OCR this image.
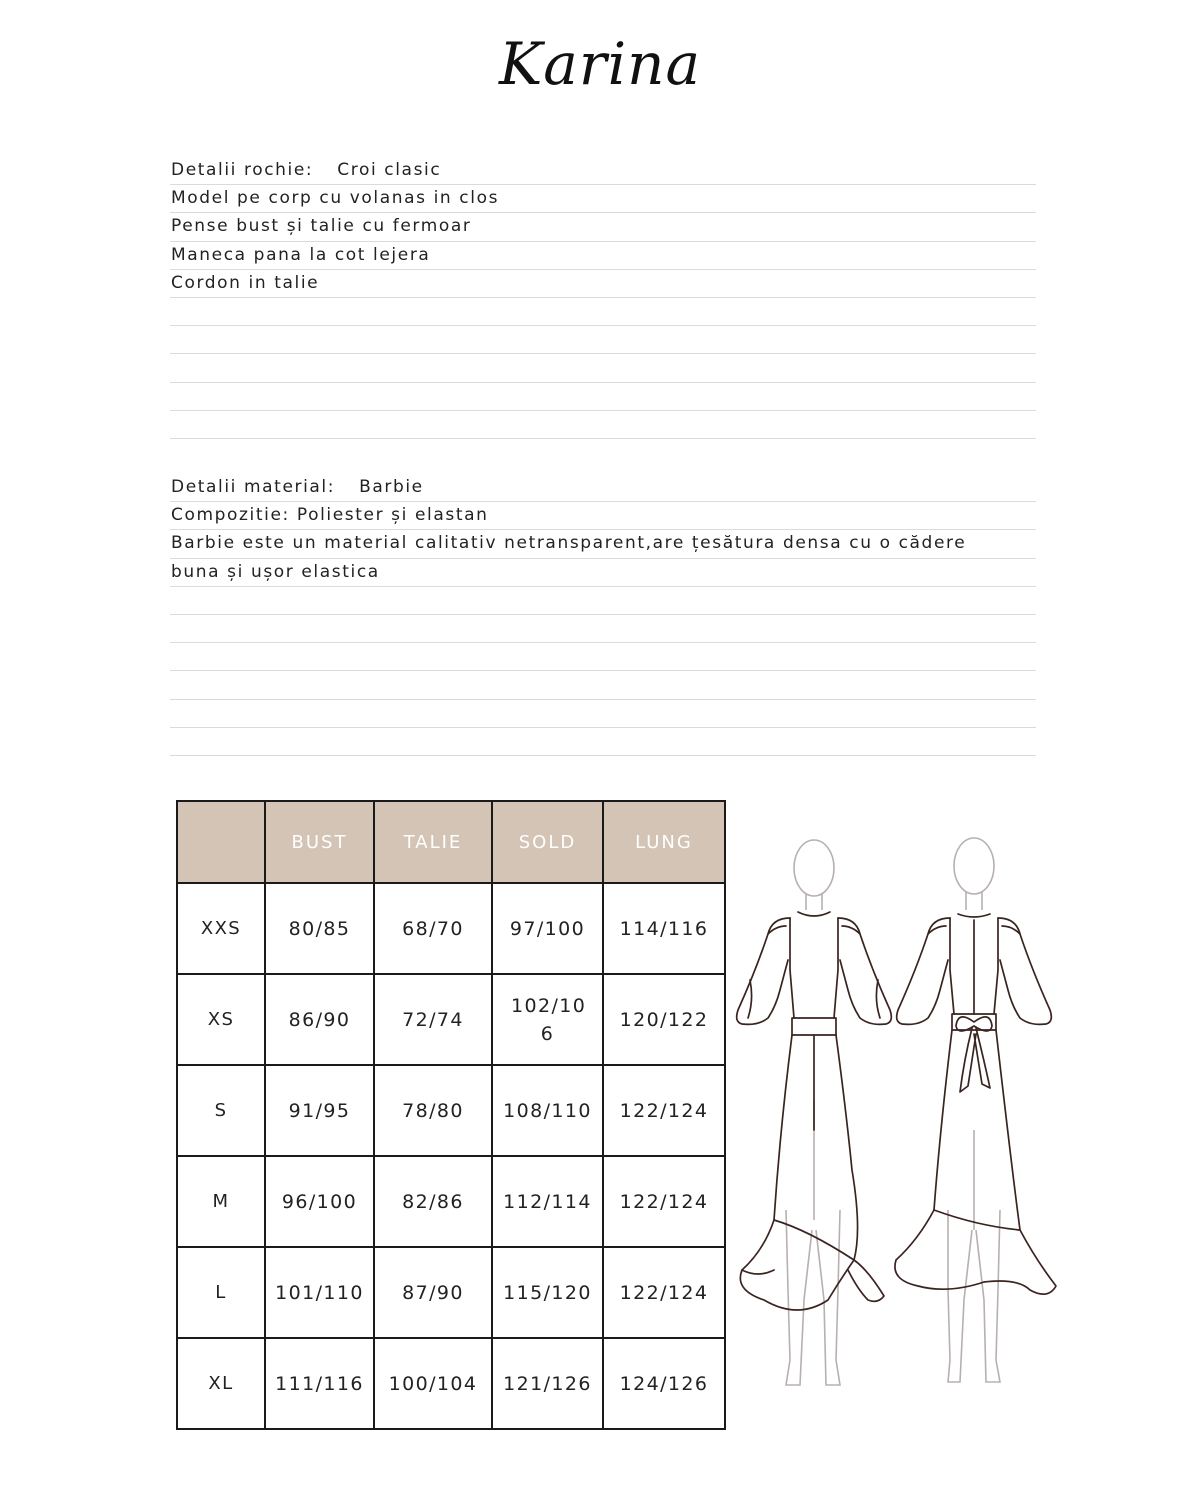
Karina
Detalii rochie: Croi clasic
Model pe corp cu volanas in clos
Pense bust și talie cu fermoar
Maneca pana la cot lejera
Cordon in talie
Detalii material: Barbie
Compozitie: Poliester și elastan
Barbie este un material calitativ netransparent,are țesătura densa cu o cădere
buna și ușor elastica
	BUST	TALIE	SOLD	LUNG
XXS	80/85	68/70	97/100	114/116
XS	86/90	72/74	102/10 6	120/122
S	91/95	78/80	108/110	122/124
M	96/100	82/86	112/114	122/124
L	101/110	87/90	115/120	122/124
XL	111/116	100/104	121/126	124/126
